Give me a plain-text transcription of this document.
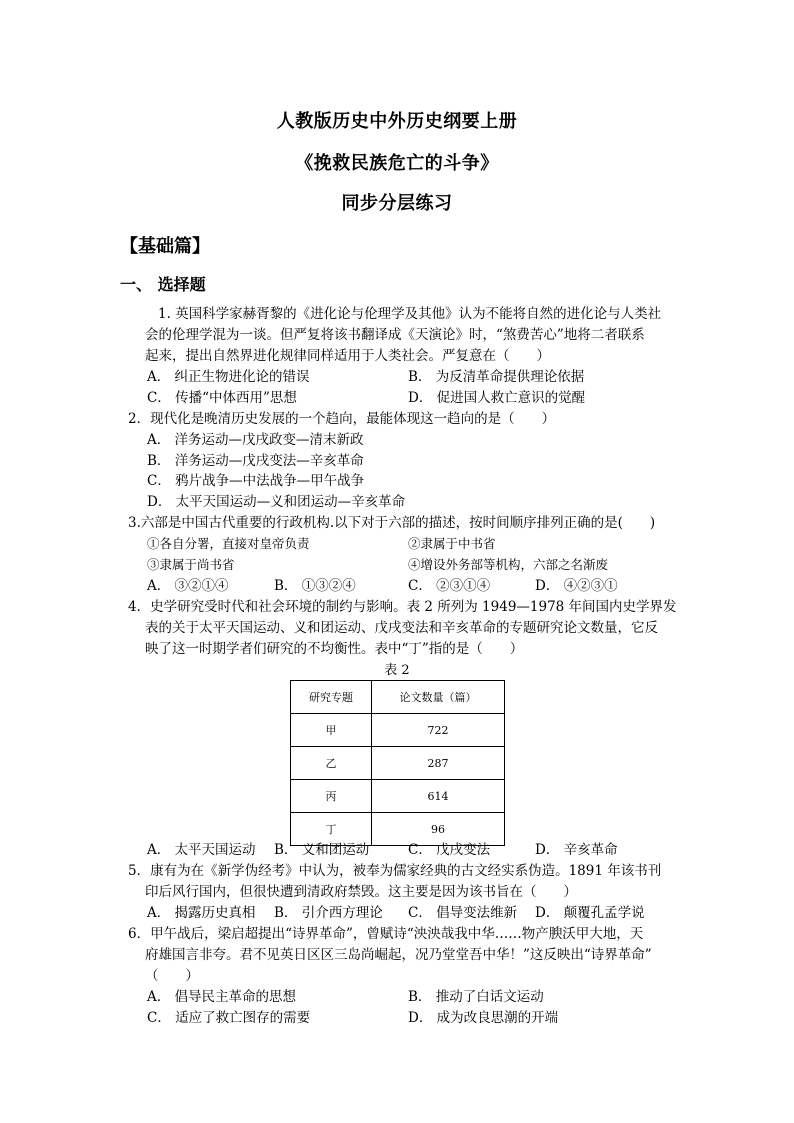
人教版历史中外历史纲要上册
《挽救民族危亡的斗争》
同步分层练习
【基础篇】
一、 选择题
1. 英国科学家赫胥黎的《进化论与伦理学及其他》认为不能将自然的进化论与人类社
会的伦理学混为一谈。但严复将该书翻译成《天演论》时，“煞费苦心”地将二者联系
起来，提出自然界进化规律同样适用于人类社会。严复意在（　　）
A． 纠正生物进化论的错误	B． 为反清革命提供理论依据
C． 传播“中体西用”思想	D． 促进国人救亡意识的觉醒
2．现代化是晚清历史发展的一个趋向，最能体现这一趋向的是（　　）
A． 洋务运动—戊戌政变—清末新政
B． 洋务运动—戊戌变法—辛亥革命
C． 鸦片战争—中法战争—甲午战争
D． 太平天国运动—义和团运动—辛亥革命
3.六部是中国古代重要的行政机构.以下对于六部的描述，按时间顺序排列正确的是(　　)
①各自分署，直接对皇帝负责	②隶属于中书省
③隶属于尚书省	④增设外务部等机构，六部之名渐废
A． ③②①④	B． ①③②④	C． ②③①④	D． ④②③①
4．史学研究受时代和社会环境的制约与影响。表 2 所列为 1949—1978 年间国内史学界发
表的关于太平天国运动、义和团运动、戊戌变法和辛亥革命的专题研究论文数量，它反
映了这一时期学者们研究的不均衡性。表中“丁”指的是（　　）
表 2
研究专题	论文数量（篇）
甲	722
乙	287
丙	614
丁	96
A． 太平天国运动 B． 义和团运动	C． 戊戌变法	D． 辛亥革命
5．康有为在《新学伪经考》中认为，被奉为儒家经典的古文经实系伪造。1891 年该书刊
印后风行国内，但很快遭到清政府禁毁。这主要是因为该书旨在（　　）
A． 揭露历史真相 B． 引介西方理论 C． 倡导变法维新 D． 颠覆孔孟学说
6．甲午战后，梁启超提出“诗界革命”，曾赋诗“泱泱哉我中华……物产腴沃甲大地，天
府雄国言非夸。君不见英日区区三岛尚崛起，况乃堂堂吾中华！”这反映出“诗界革命”
（　　）
A． 倡导民主革命的思想	B． 推动了白话文运动
C． 适应了救亡图存的需要	D． 成为改良思潮的开端
